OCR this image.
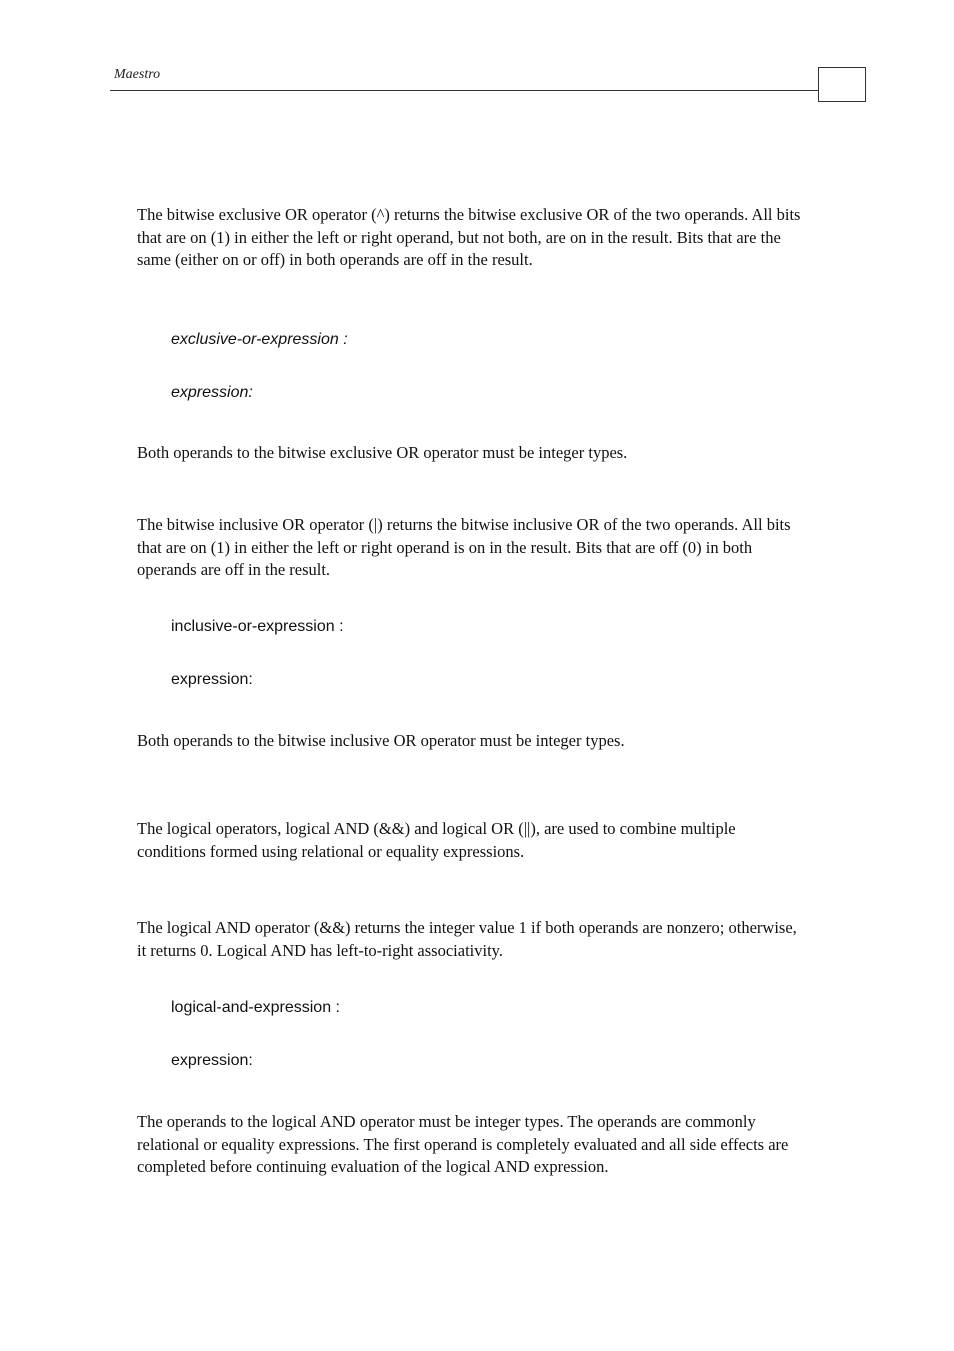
Maestro

The bitwise exclusive OR operator (^) returns the bitwise exclusive OR of the two operands. All bits that are on (1) in either the left or right operand, but not both, are on in the result. Bits that are the same (either on or off) in both operands are off in the result.

exclusive-or-expression :

expression:

Both operands to the bitwise exclusive OR operator must be integer types.

The bitwise inclusive OR operator (|) returns the bitwise inclusive OR of the two operands. All bits that are on (1) in either the left or right operand is on in the result. Bits that are off (0) in both operands are off in the result.

inclusive-or-expression :

expression:

Both operands to the bitwise inclusive OR operator must be integer types.

The logical operators, logical AND (&&) and logical OR (||), are used to combine multiple conditions formed using relational or equality expressions.

The logical AND operator (&&) returns the integer value 1 if both operands are nonzero; otherwise, it returns 0. Logical AND has left-to-right associativity.

logical-and-expression :

expression:

The operands to the logical AND operator must be integer types. The operands are commonly relational or equality expressions. The first operand is completely evaluated and all side effects are completed before continuing evaluation of the logical AND expression.
